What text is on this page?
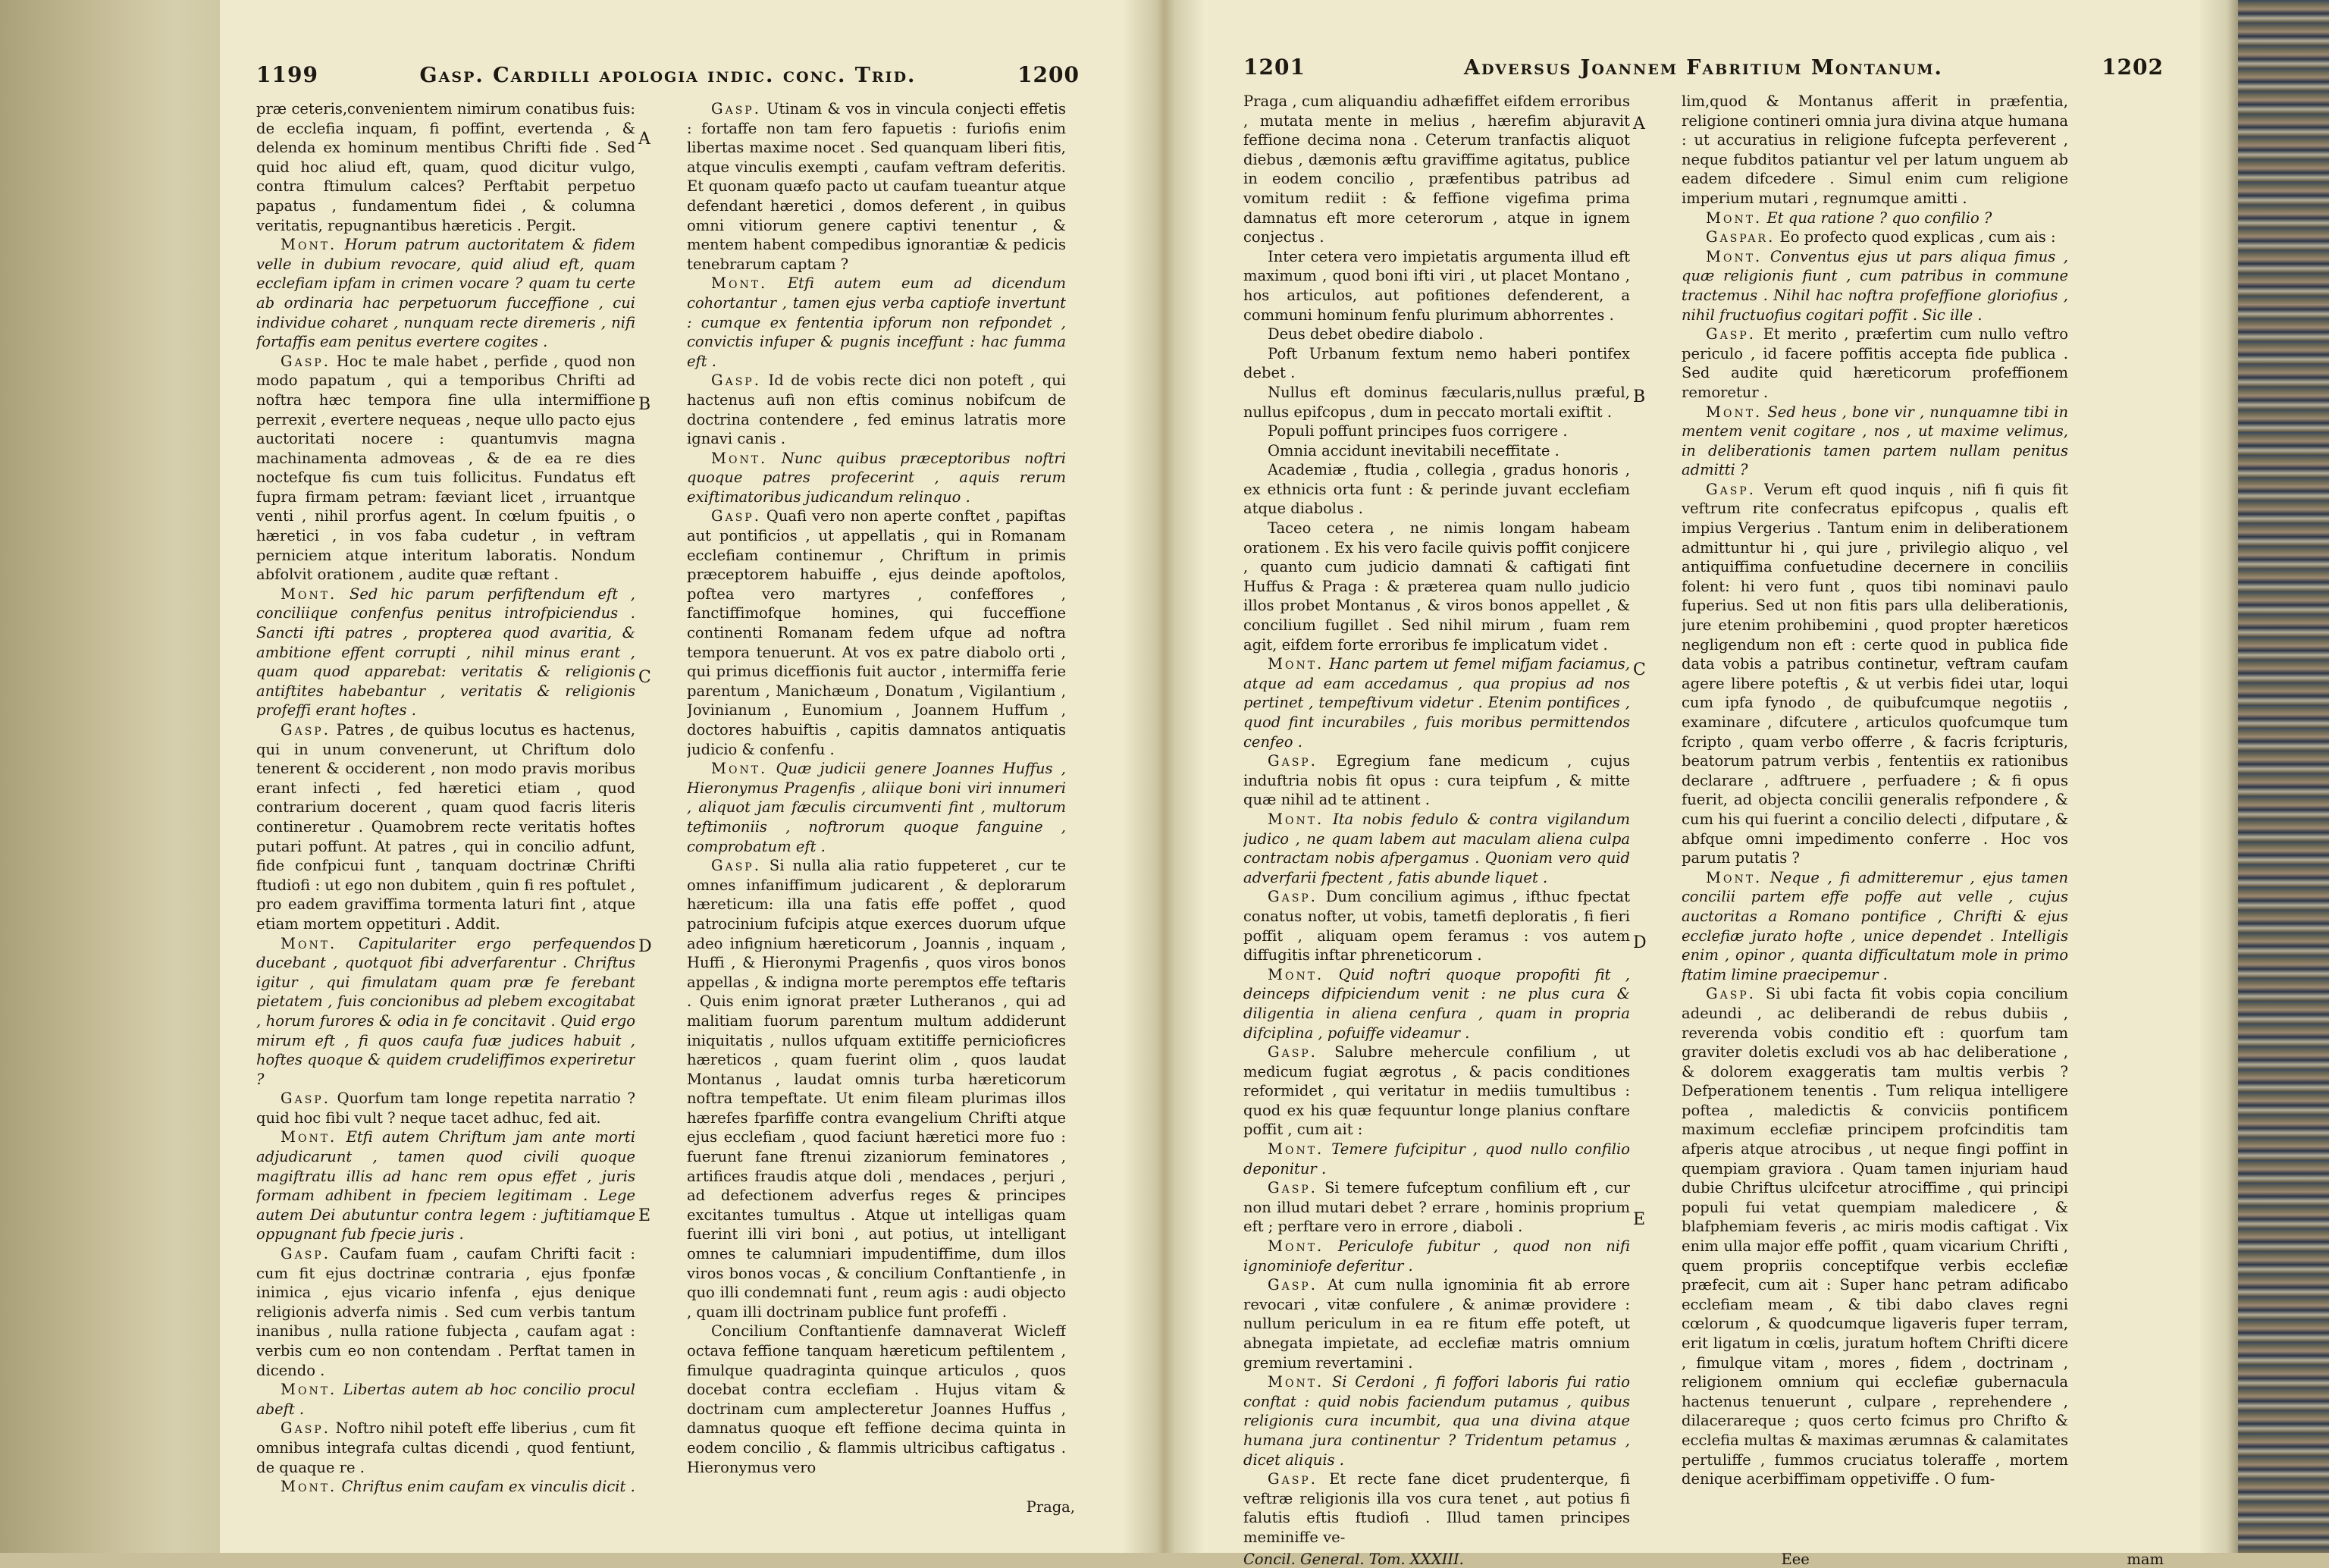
1199	Gasp. Cardilli apologia indic. conc. Trid.	1200

præ ceteris,convenientem nimirum conatibus fuis: de ecclefia inquam, fi poffint, evertenda , & delenda ex hominum mentibus Chrifti fide . Sed quid hoc aliud eft, quam, quod dicitur vulgo, contra ftimulum calces? Perftabit perpetuo papatus , fundamentum fidei , & columna veritatis, repugnantibus hæreticis . Pergit.

Mont. Horum patrum auctoritatem & fidem velle in dubium revocare, quid aliud eft, quam ecclefiam ipfam in crimen vocare ? quam tu certe ab ordinaria hac perpetuorum fucceffione , cui individue coharet , nunquam recte diremeris , nifi fortaffis eam penitus evertere cogites .

Gasp. Hoc te male habet , perfide , quod non modo papatum , qui a temporibus Chrifti ad noftra hæc tempora fine ulla intermiffione perrexit , evertere nequeas , neque ullo pacto ejus auctoritati nocere : quantumvis magna machinamenta admoveas , & de ea re dies noctefque fis cum tuis follicitus. Fundatus eft fupra firmam petram: fæviant licet , irruantque venti , nihil prorfus agent. In cœlum fpuitis , o hæretici , in vos faba cudetur , in veftram perniciem atque interitum laboratis. Nondum abfolvit orationem , audite quæ reftant .

Mont. Sed hic parum perfiftendum eft , conciliique confenfus penitus introfpiciendus . Sancti ifti patres , propterea quod avaritia, & ambitione effent corrupti , nihil minus erant , quam quod apparebat: veritatis & religionis antiftites habebantur , veritatis & religionis profeffi erant hoftes .

Gasp. Patres , de quibus locutus es hactenus, qui in unum convenerunt, ut Chriftum dolo tenerent & occiderent , non modo pravis moribus erant infecti , fed hæretici etiam , quod contrarium docerent , quam quod facris literis contineretur . Quamobrem recte veritatis hoftes putari poffunt. At patres , qui in concilio adfunt, fide confpicui funt , tanquam doctrinæ Chrifti ftudiofi : ut ego non dubitem , quin fi res poftulet , pro eadem graviffima tormenta laturi fint , atque etiam mortem oppetituri . Addit.

Mont. Capitulariter ergo perfequendos ducebant , quotquot fibi adverfarentur . Chriftus igitur , qui fimulatam quam præ fe ferebant pietatem , fuis concionibus ad plebem excogitabat , horum furores & odia in fe concitavit . Quid ergo mirum eft , fi quos caufa fuæ judices habuit , hoftes quoque & quidem crudeliffimos experiretur ?

Gasp. Quorfum tam longe repetita narratio ? quid hoc fibi vult ? neque tacet adhuc, fed ait.

Mont. Etfi autem Chriftum jam ante morti adjudicarunt , tamen quod civili quoque magiftratu illis ad hanc rem opus effet , juris formam adhibent in fpeciem legitimam . Lege autem Dei abutuntur contra legem : juftitiamque oppugnant fub fpecie juris .

Gasp. Caufam fuam , caufam Chrifti facit : cum fit ejus doctrinæ contraria , ejus fponfæ inimica , ejus vicario infenfa , ejus denique religionis adverfa nimis . Sed cum verbis tantum inanibus , nulla ratione fubjecta , caufam agat : verbis cum eo non contendam . Perftat tamen in dicendo .

Mont. Libertas autem ab hoc concilio procul abeft .

Gasp. Noftro nihil poteft effe liberius , cum fit omnibus integrafa cultas dicendi , quod fentiunt, de quaque re .

Mont. Chriftus enim caufam ex vinculis dicit .

A
B
C
D
E

Gasp. Utinam & vos in vincula conjecti effetis : fortaffe non tam fero fapuetis : furiofis enim libertas maxime nocet . Sed quanquam liberi fitis, atque vinculis exempti , caufam veftram deferitis. Et quonam quæfo pacto ut caufam tueantur atque defendant hæretici , domos deferent , in quibus omni vitiorum genere captivi tenentur , & mentem habent compedibus ignorantiæ & pedicis tenebrarum captam ?

Mont. Etfi autem eum ad dicendum cohortantur , tamen ejus verba captiofe invertunt : cumque ex fententia ipforum non refpondet , convictis infuper & pugnis inceffunt : hac fumma eft .

Gasp. Id de vobis recte dici non poteft , qui hactenus aufi non eftis cominus nobifcum de doctrina contendere , fed eminus latratis more ignavi canis .

Mont. Nunc quibus præceptoribus noftri quoque patres profecerint , aquis rerum exiftimatoribus judicandum relinquo .

Gasp. Quafi vero non aperte conftet , papiftas aut pontificios , ut appellatis , qui in Romanam ecclefiam continemur , Chriftum in primis præceptorem habuiffe , ejus deinde apoftolos, poftea vero martyres , confeffores , fanctiffimofque homines, qui fucceffione continenti Romanam fedem ufque ad noftra tempora tenuerunt. At vos ex patre diabolo orti , qui primus diceffionis fuit auctor , intermiffa ferie parentum , Manichæum , Donatum , Vigilantium , Jovinianum , Eunomium , Joannem Huffum , doctores habuiftis , capitis damnatos antiquatis judicio & confenfu .

Mont. Quæ judicii genere Joannes Huffus , Hieronymus Pragenfis , aliique boni viri innumeri , aliquot jam fæculis circumventi fint , multorum teftimoniis , noftrorum quoque fanguine , comprobatum eft .

Gasp. Si nulla alia ratio fuppeteret , cur te omnes infaniffimum judicarent , & deplorarum hæreticum: illa una fatis effe poffet , quod patrocinium fufcipis atque exerces duorum ufque adeo infignium hæreticorum , Joannis , inquam , Huffi , & Hieronymi Pragenfis , quos viros bonos appellas , & indigna morte peremptos effe teftaris . Quis enim ignorat præter Lutheranos , qui ad malitiam fuorum parentum multum addiderunt iniquitatis , nullos ufquam extitiffe pernicioficres hæreticos , quam fuerint olim , quos laudat Montanus , laudat omnis turba hæreticorum noftra tempeftate. Ut enim fileam plurimas illos hærefes fparfiffe contra evangelium Chrifti atque ejus ecclefiam , quod faciunt hæretici more fuo : fuerunt fane ftrenui zizaniorum feminatores , artifices fraudis atque doli , mendaces , perjuri , ad defectionem adverfus reges & principes excitantes tumultus . Atque ut intelligas quam fuerint illi viri boni , aut potius, ut intelligant omnes te calumniari impudentiffime, dum illos viros bonos vocas , & concilium Conftantienfe , in quo illi condemnati funt , reum agis : audi objecto , quam illi doctrinam publice funt profeffi .

Concilium Conftantienfe damnaverat Wicleff octava feffione tanquam hæreticum peftilentem , fimulque quadraginta quinque articulos , quos docebat contra ecclefiam . Hujus vitam & doctrinam cum amplecteretur Joannes Huffus , damnatus quoque eft feffione decima quinta in eodem concilio , & flammis ultricibus caftigatus . Hieronymus vero

Praga,
1201	Adversus Joannem Fabritium Montanum.	1202

Praga , cum aliquandiu adhæfiffet eifdem erroribus , mutata mente in melius , hærefim abjuravit feffione decima nona . Ceterum tranfactis aliquot diebus , dæmonis æftu graviffime agitatus, publice in eodem concilio , præfentibus patribus ad vomitum rediit : & feffione vigefima prima damnatus eft more ceterorum , atque in ignem conjectus .

Inter cetera vero impietatis argumenta illud eft maximum , quod boni ifti viri , ut placet Montano , hos articulos, aut pofitiones defenderent, a communi hominum fenfu plurimum abhorrentes .

Deus debet obedire diabolo .

Poft Urbanum fextum nemo haberi pontifex debet .

Nullus eft dominus fæcularis,nullus præful, nullus epifcopus , dum in peccato mortali exiftit .

Populi poffunt principes fuos corrigere .

Omnia accidunt inevitabili neceffitate .

Academiæ , ftudia , collegia , gradus honoris , ex ethnicis orta funt : & perinde juvant ecclefiam atque diabolus .

Taceo cetera , ne nimis longam habeam orationem . Ex his vero facile quivis poffit conjicere , quanto cum judicio damnati & caftigati fint Huffus & Praga : & præterea quam nullo judicio illos probet Montanus , & viros bonos appellet , & concilium fugillet . Sed nihil mirum , fuam rem agit, eifdem forte erroribus fe implicatum videt .

Mont. Hanc partem ut femel mifjam faciamus, atque ad eam accedamus , qua propius ad nos pertinet , tempeftivum videtur . Etenim pontifices , quod fint incurabiles , fuis moribus permittendos cenfeo .

Gasp. Egregium fane medicum , cujus induftria nobis fit opus : cura teipfum , & mitte quæ nihil ad te attinent .

Mont. Ita nobis fedulo & contra vigilandum judico , ne quam labem aut maculam aliena culpa contractam nobis afpergamus . Quoniam vero quid adverfarii fpectent , fatis abunde liquet .

Gasp. Dum concilium agimus , ifthuc fpectat conatus nofter, ut vobis, tametfi deploratis , fi fieri poffit , aliquam opem feramus : vos autem diffugitis inftar phreneticorum .

Mont. Quid noftri quoque propofiti fit , deinceps difpiciendum venit : ne plus cura & diligentia in aliena cenfura , quam in propria difciplina , pofuiffe videamur .

Gasp. Salubre mehercule confilium , ut medicum fugiat ægrotus , & pacis conditiones reformidet , qui veritatur in mediis tumultibus : quod ex his quæ fequuntur longe planius conftare poffit , cum ait :

Mont. Temere fufcipitur , quod nullo confilio deponitur .

Gasp. Si temere fufceptum confilium eft , cur non illud mutari debet ? errare , hominis proprium eft ; perftare vero in errore , diaboli .

Mont. Periculofe fubitur , quod non nifi ignominiofe deferitur .

Gasp. At cum nulla ignominia fit ab errore revocari , vitæ confulere , & animæ providere : nullum periculum in ea re fitum effe poteft, ut abnegata impietate, ad ecclefiæ matris omnium gremium revertamini .

Mont. Si Cerdoni , fi foffori laboris fui ratio conftat : quid nobis faciendum putamus , quibus religionis cura incumbit, qua una divina atque humana jura continentur ? Tridentum petamus , dicet aliquis .

Gasp. Et recte fane dicet prudenterque, fi veftræ religionis illa vos cura tenet , aut potius fi falutis eftis ftudiofi . Illud tamen principes meminiffe ve-

A
B
C
D
E

lim,quod & Montanus afferit in præfentia, religione contineri omnia jura divina atque humana : ut accuratius in religione fufcepta perfeverent , neque fubditos patiantur vel per latum unguem ab eadem difcedere . Simul enim cum religione imperium mutari , regnumque amitti .

Mont. Et qua ratione ? quo confilio ?

Gaspar. Eo profecto quod explicas , cum ais :

Mont. Conventus ejus ut pars aliqua fimus , quæ religionis fiunt , cum patribus in commune tractemus . Nihil hac noftra profeffione gloriofius , nihil fructuofius cogitari poffit . Sic ille .

Gasp. Et merito , præfertim cum nullo veftro periculo , id facere poffitis accepta fide publica . Sed audite quid hæreticorum profeffionem remoretur .

Mont. Sed heus , bone vir , nunquamne tibi in mentem venit cogitare , nos , ut maxime velimus, in deliberationis tamen partem nullam penitus admitti ?

Gasp. Verum eft quod inquis , nifi fi quis fit veftrum rite confecratus epifcopus , qualis eft impius Vergerius . Tantum enim in deliberationem admittuntur hi , qui jure , privilegio aliquo , vel antiquiffima confuetudine decernere in conciliis folent: hi vero funt , quos tibi nominavi paulo fuperius. Sed ut non fitis pars ulla deliberationis, jure etenim prohibemini , quod propter hæreticos negligendum non eft : certe quod in publica fide data vobis a patribus continetur, veftram caufam agere libere poteftis , & ut verbis fidei utar, loqui cum ipfa fynodo , de quibufcumque negotiis , examinare , difcutere , articulos quofcumque tum fcripto , quam verbo offerre , & facris fcripturis, beatorum patrum verbis , fententiis ex rationibus declarare , adftruere , perfuadere ; & fi opus fuerit, ad objecta concilii generalis refpondere , & cum his qui fuerint a concilio delecti , difputare , & abfque omni impedimento conferre . Hoc vos parum putatis ?

Mont. Neque , fi admitteremur , ejus tamen concilii partem effe poffe aut velle , cujus auctoritas a Romano pontifice , Chrifti & ejus ecclefiæ jurato hofte , unice dependet . Intelligis enim , opinor , quanta difficultatum mole in primo ftatim limine praecipemur .

Gasp. Si ubi facta fit vobis copia concilium adeundi , ac deliberandi de rebus dubiis , reverenda vobis conditio eft : quorfum tam graviter doletis excludi vos ab hac deliberatione , & dolorem exaggeratis tam multis verbis ? Defperationem tenentis . Tum reliqua intelligere poftea , maledictis & conviciis pontificem maximum ecclefiæ principem profcinditis tam afperis atque atrocibus , ut neque fingi poffint in quempiam graviora . Quam tamen injuriam haud dubie Chriftus ulcifcetur atrociffime , qui principi populi fui vetat quempiam maledicere , & blafphemiam feveris , ac miris modis caftigat . Vix enim ulla major effe poffit , quam vicarium Chrifti , quem propriis conceptifque verbis ecclefiæ præfecit, cum ait : Super hanc petram adificabo ecclefiam meam , & tibi dabo claves regni cœlorum , & quodcumque ligaveris fuper terram, erit ligatum in cœlis, juratum hoftem Chrifti dicere , fimulque vitam , mores , fidem , doctrinam , religionem omnium qui ecclefiæ gubernacula hactenus tenuerunt , culpare , reprehendere , dilacerareque ; quos certo fcimus pro Chrifto & ecclefia multas & maximas ærumnas & calamitates pertuliffe , fummos cruciatus toleraffe , mortem denique acerbiffimam oppetiviffe . O fum-

Concil. General. Tom. XXXIII.	Eee	mam
